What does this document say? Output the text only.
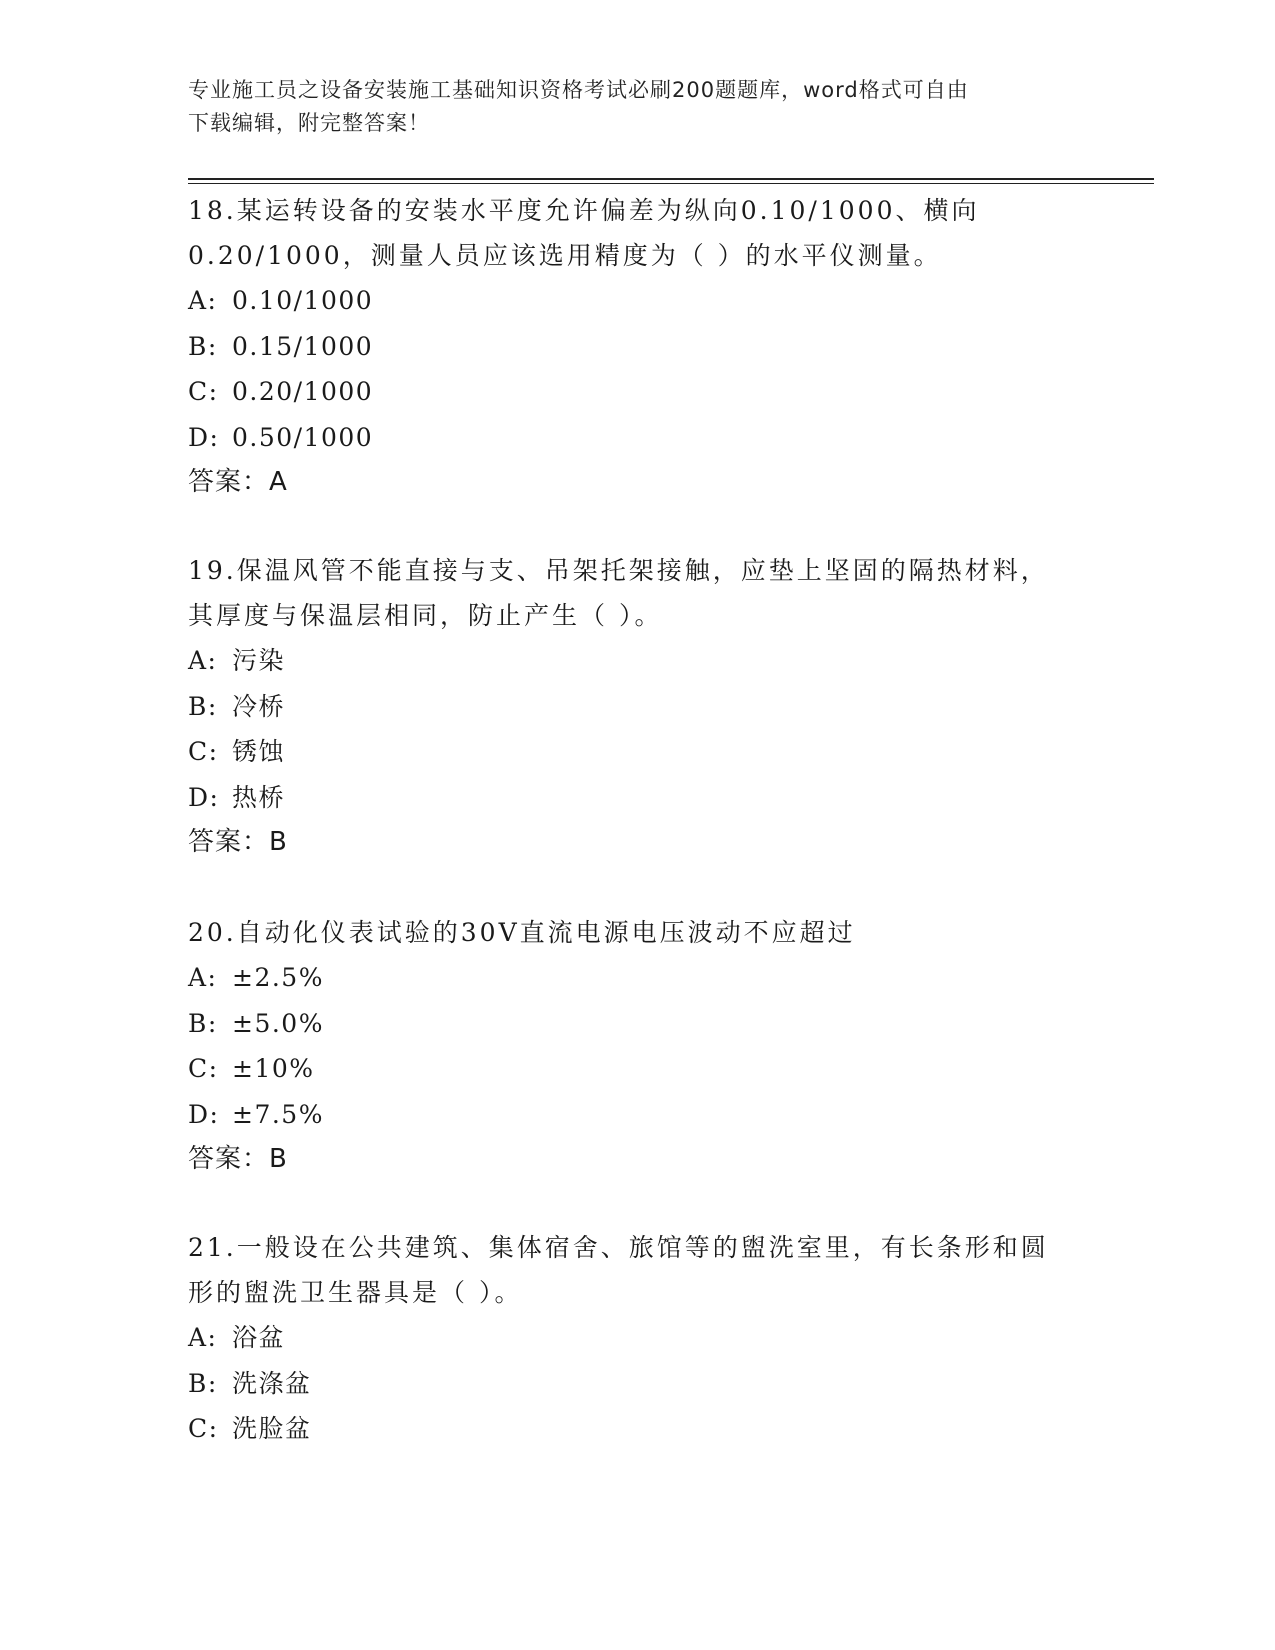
专业施工员之设备安装施工基础知识资格考试必刷200题题库，word格式可自由
下载编辑，附完整答案！

18.某运转设备的安装水平度允许偏差为纵向0.10/1000、横向

0.20/1000，测量人员应该选用精度为（ ）的水平仪测量。

A: 0.10/1000

B: 0.15/1000

C: 0.20/1000

D: 0.50/1000

答案：A

19.保温风管不能直接与支、吊架托架接触，应垫上坚固的隔热材料，

其厚度与保温层相同，防止产生（ ）。

A: 污染

B: 冷桥

C: 锈蚀

D: 热桥

答案：B

20.自动化仪表试验的30V直流电源电压波动不应超过

A: ±2.5%

B: ±5.0%

C: ±10%

D: ±7.5%

答案：B

21.一般设在公共建筑、集体宿舍、旅馆等的盥洗室里，有长条形和圆

形的盥洗卫生器具是（ ）。

A: 浴盆

B: 洗涤盆

C: 洗脸盆
